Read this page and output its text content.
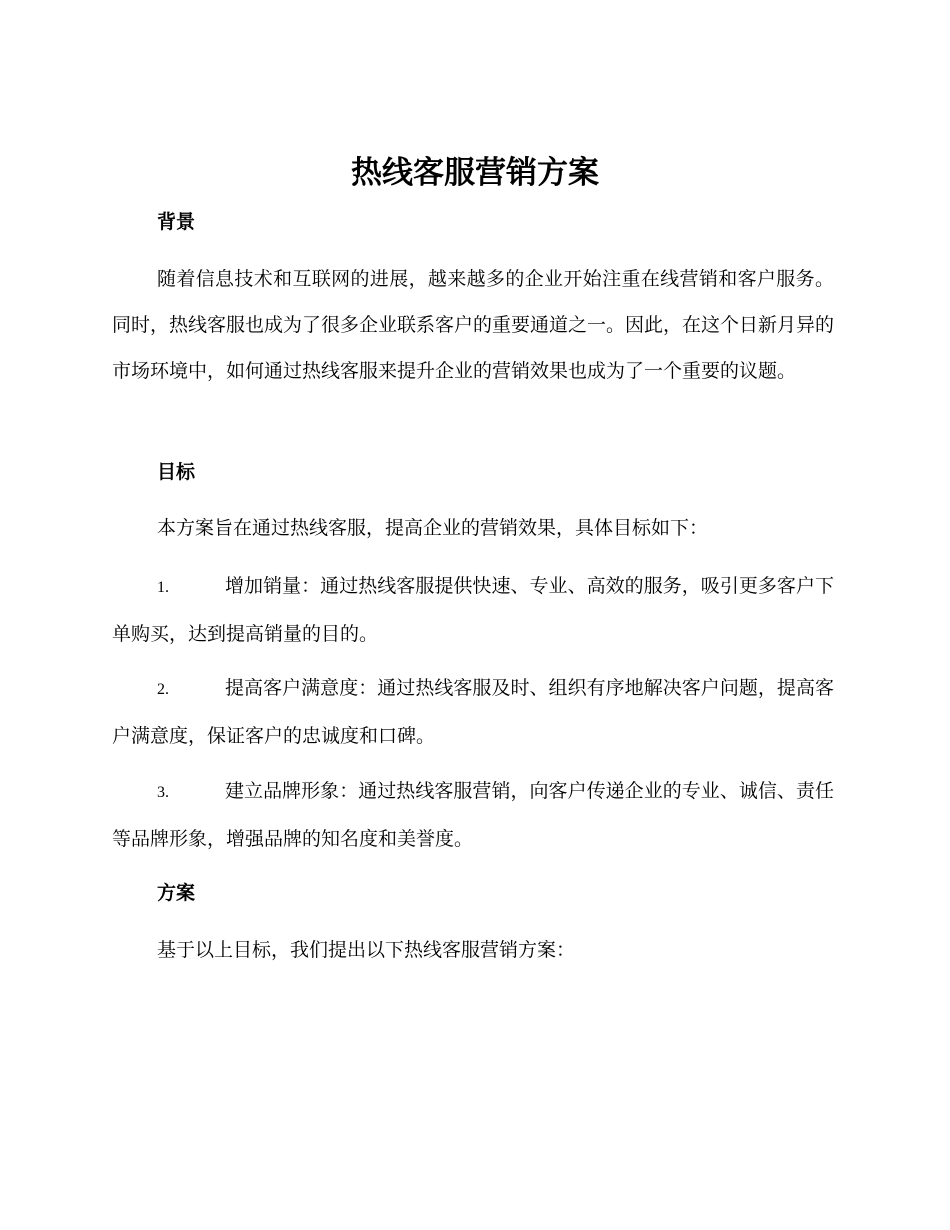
热线客服营销方案
背景

随着信息技术和互联网的进展，越来越多的企业开始注重在线营销和客户服务。同时，热线客服也成为了很多企业联系客户的重要通道之一。因此，在这个日新月异的市场环境中，如何通过热线客服来提升企业的营销效果也成为了一个重要的议题。

目标

本方案旨在通过热线客服，提高企业的营销效果，具体目标如下：

1.	增加销量：通过热线客服提供快速、专业、高效的服务，吸引更多客户下单购买，达到提高销量的目的。

2.	提高客户满意度：通过热线客服及时、组织有序地解决客户问题，提高客户满意度，保证客户的忠诚度和口碑。

3.	建立品牌形象：通过热线客服营销，向客户传递企业的专业、诚信、责任等品牌形象，增强品牌的知名度和美誉度。

方案

基于以上目标，我们提出以下热线客服营销方案：
